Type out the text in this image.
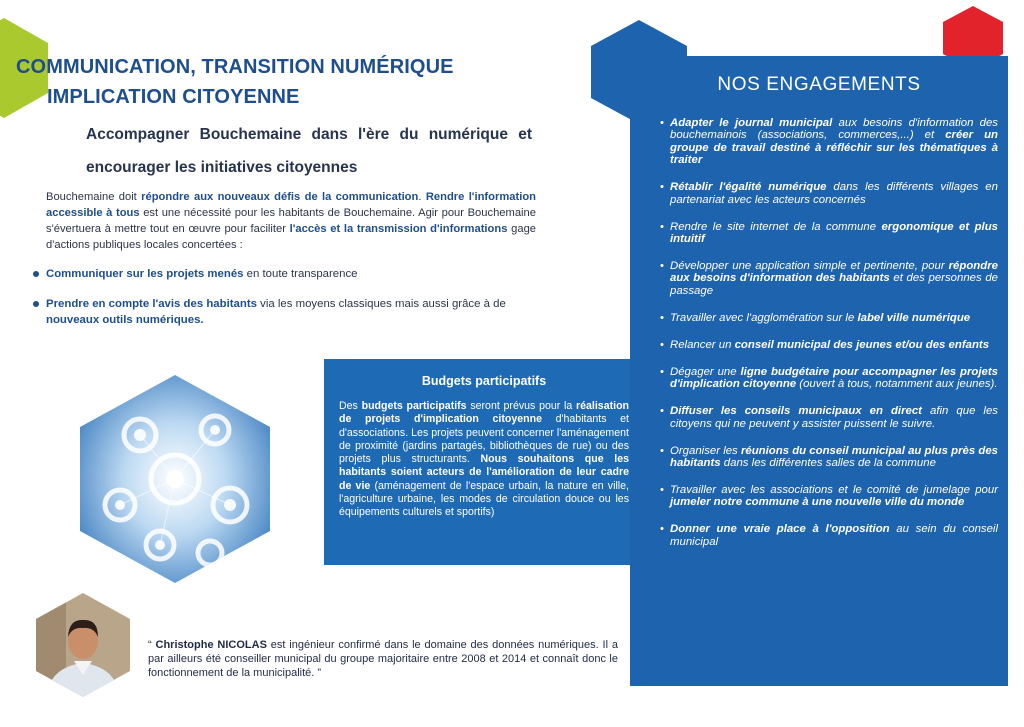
COMMUNICATION, TRANSITION NUMÉRIQUE
IMPLICATION CITOYENNE
Accompagner Bouchemaine dans l'ère du numérique et encourager les initiatives citoyennes

Bouchemaine doit répondre aux nouveaux défis de la communication. Rendre l'information accessible à tous est une nécessité pour les habitants de Bouchemaine. Agir pour Bouchemaine s'évertuera à mettre tout en œuvre pour faciliter l'accès et la transmission d'informations gage d'actions publiques locales concertées :

Communiquer sur les projets menés en toute transparence
Prendre en compte l'avis des habitants via les moyens classiques mais aussi grâce à de nouveaux outils numériques.
Budgets participatifs

Des budgets participatifs seront prévus pour la réalisation de projets d'implication citoyenne d'habitants et d'associations. Les projets peuvent concerner l'aménagement de proximité (jardins partagés, bibliothèques de rue) ou des projets plus structurants. Nous souhaitons que les habitants soient acteurs de l'amélioration de leur cadre de vie (aménagement de l'espace urbain, la nature en ville, l'agriculture urbaine, les modes de circulation douce ou les équipements culturels et sportifs)

NOS ENGAGEMENTS
• Adapter le journal municipal aux besoins d'information des bouchemainois (associations, commerces,...) et créer un groupe de travail destiné à réfléchir sur les thématiques à traiter
• Rétablir l'égalité numérique dans les différents villages en partenariat avec les acteurs concernés
• Rendre le site internet de la commune ergonomique et plus intuitif
• Développer une application simple et pertinente, pour répondre aux besoins d'information des habitants et des personnes de passage
• Travailler avec l'agglomération sur le label ville numérique
• Relancer un conseil municipal des jeunes et/ou des enfants
• Dégager une ligne budgétaire pour accompagner les projets d'implication citoyenne (ouvert à tous, notamment aux jeunes).
• Diffuser les conseils municipaux en direct afin que les citoyens qui ne peuvent y assister puissent le suivre.
• Organiser les réunions du conseil municipal au plus près des habitants dans les différentes salles de la commune
• Travailler avec les associations et le comité de jumelage pour jumeler notre commune à une nouvelle ville du monde
• Donner une vraie place à l'opposition au sein du conseil municipal

“ Christophe NICOLAS est ingénieur confirmé dans le domaine des données numériques. Il a par ailleurs été conseiller municipal du groupe majoritaire entre 2008 et 2014 et connaît donc le fonctionnement de la municipalité. ”
